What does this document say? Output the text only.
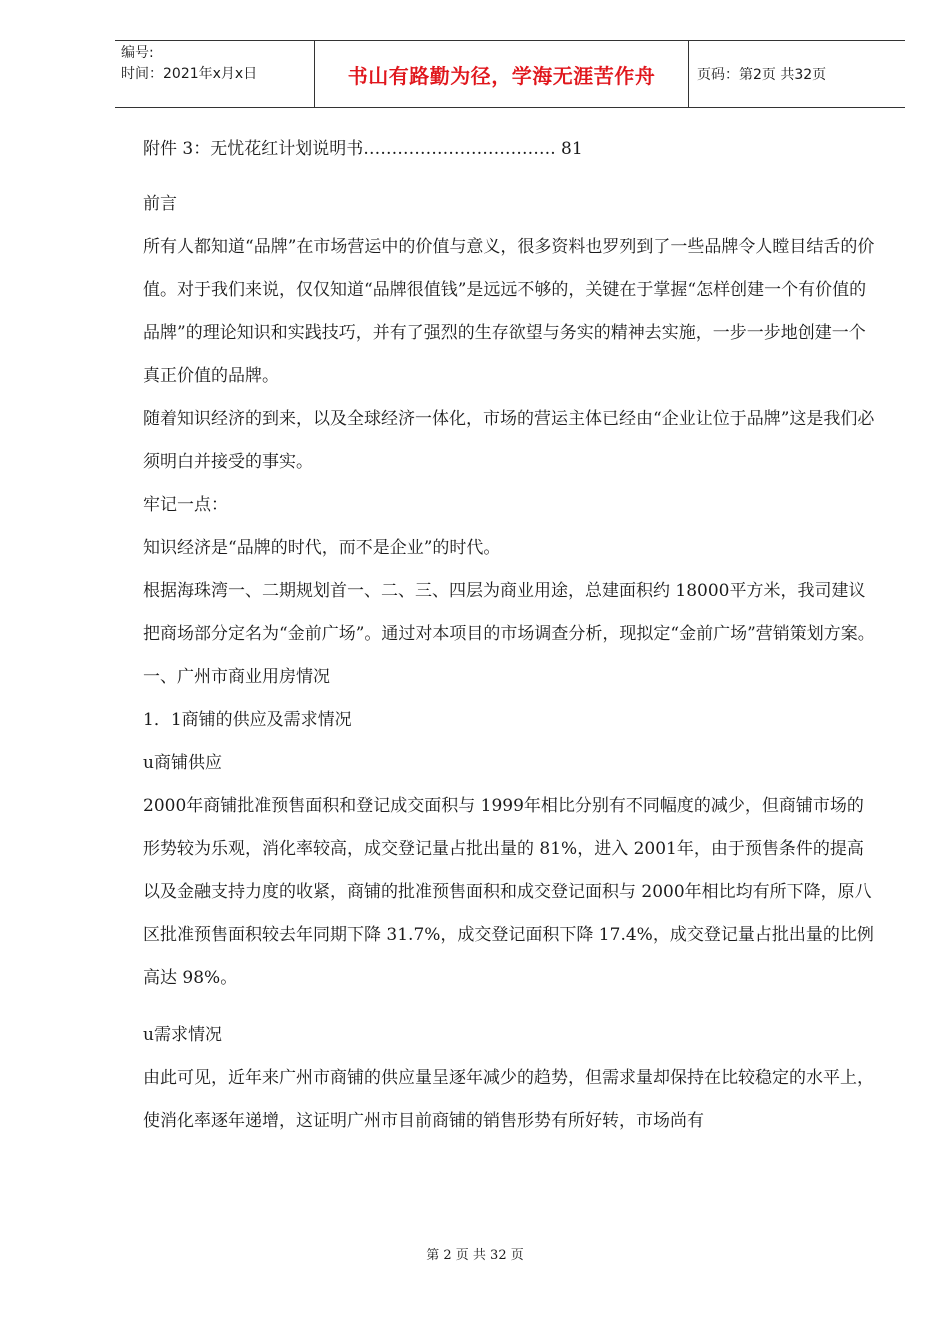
编号:
时间：2021年x月x日	书山有路勤为径，学海无涯苦作舟	页码：第2页 共32页

附件 3：无忧花红计划说明书……………………………. 81

前言

所有人都知道“品牌”在市场营运中的价值与意义，很多资料也罗列到了一些品牌令人瞠目结舌的价值。对于我们来说，仅仅知道“品牌很值钱”是远远不够的，关键在于掌握“怎样创建一个有价值的品牌”的理论知识和实践技巧，并有了强烈的生存欲望与务实的精神去实施，一步一步地创建一个真正价值的品牌。

随着知识经济的到来，以及全球经济一体化，市场的营运主体已经由“企业让位于品牌”这是我们必须明白并接受的事实。

牢记一点：

知识经济是“品牌的时代，而不是企业”的时代。

根据海珠湾一、二期规划首一、二、三、四层为商业用途，总建面积约 18000平方米，我司建议把商场部分定名为“金前广场”。通过对本项目的市场调查分析，现拟定“金前广场”营销策划方案。

一、广州市商业用房情况

1．1商铺的供应及需求情况

u商铺供应

2000年商铺批准预售面积和登记成交面积与 1999年相比分别有不同幅度的减少，但商铺市场的形势较为乐观，消化率较高，成交登记量占批出量的 81%，进入 2001年，由于预售条件的提高以及金融支持力度的收紧，商铺的批准预售面积和成交登记面积与 2000年相比均有所下降，原八区批准预售面积较去年同期下降 31.7%，成交登记面积下降 17.4%，成交登记量占批出量的比例高达 98%。

u需求情况

由此可见，近年来广州市商铺的供应量呈逐年减少的趋势，但需求量却保持在比较稳定的水平上，使消化率逐年递增，这证明广州市目前商铺的销售形势有所好转，市场尚有

第 2 页 共 32 页
